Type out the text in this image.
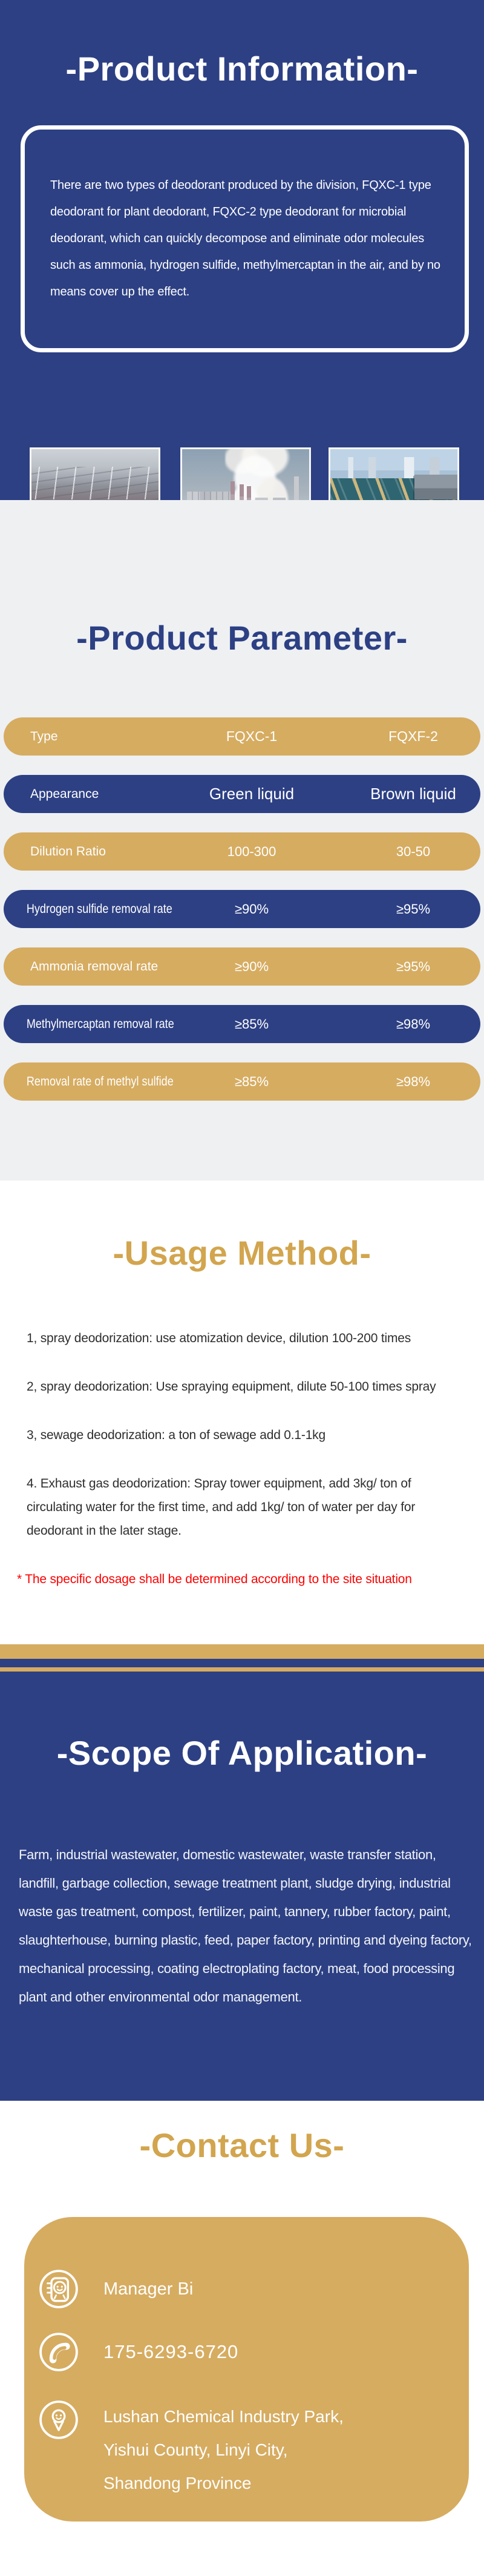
-Product Information-
There are two types of deodorant produced by the division, FQXC-1 type deodorant for plant deodorant, FQXC-2 type deodorant for microbial deodorant, which can quickly decompose and eliminate odor molecules such as ammonia, hydrogen sulfide, methylmercaptan in the air, and by no means cover up the effect.
-Product Parameter-
Type	FQXC-1	FQXF-2
Appearance	Green liquid	Brown liquid
Dilution Ratio	100-300	30-50
Hydrogen sulfide removal rate	≥90%	≥95%
Ammonia removal rate	≥90%	≥95%
Methylmercaptan removal rate	≥85%	≥98%
Removal rate of methyl sulfide	≥85%	≥98%
-Usage Method-
1, spray deodorization: use atomization device, dilution 100-200 times
2, spray deodorization: Use spraying equipment, dilute 50-100 times spray
3, sewage deodorization: a ton of sewage add 0.1-1kg
4. Exhaust gas deodorization: Spray tower equipment, add 3kg/ ton of circulating water for the first time, and add 1kg/ ton of water per day for deodorant in the later stage.
* The specific dosage shall be determined according to the site situation
-Scope Of Application-
Farm, industrial wastewater, domestic wastewater, waste transfer station, landfill, garbage collection, sewage treatment plant, sludge drying, industrial waste gas treatment, compost, fertilizer, paint, tannery, rubber factory, paint, slaughterhouse, burning plastic, feed, paper factory, printing and dyeing factory, mechanical processing, coating electroplating factory, meat, food processing plant and other environmental odor management.
-Contact Us-
Manager Bi
175-6293-6720
Lushan Chemical Industry Park,
Yishui County, Linyi City,
Shandong Province
